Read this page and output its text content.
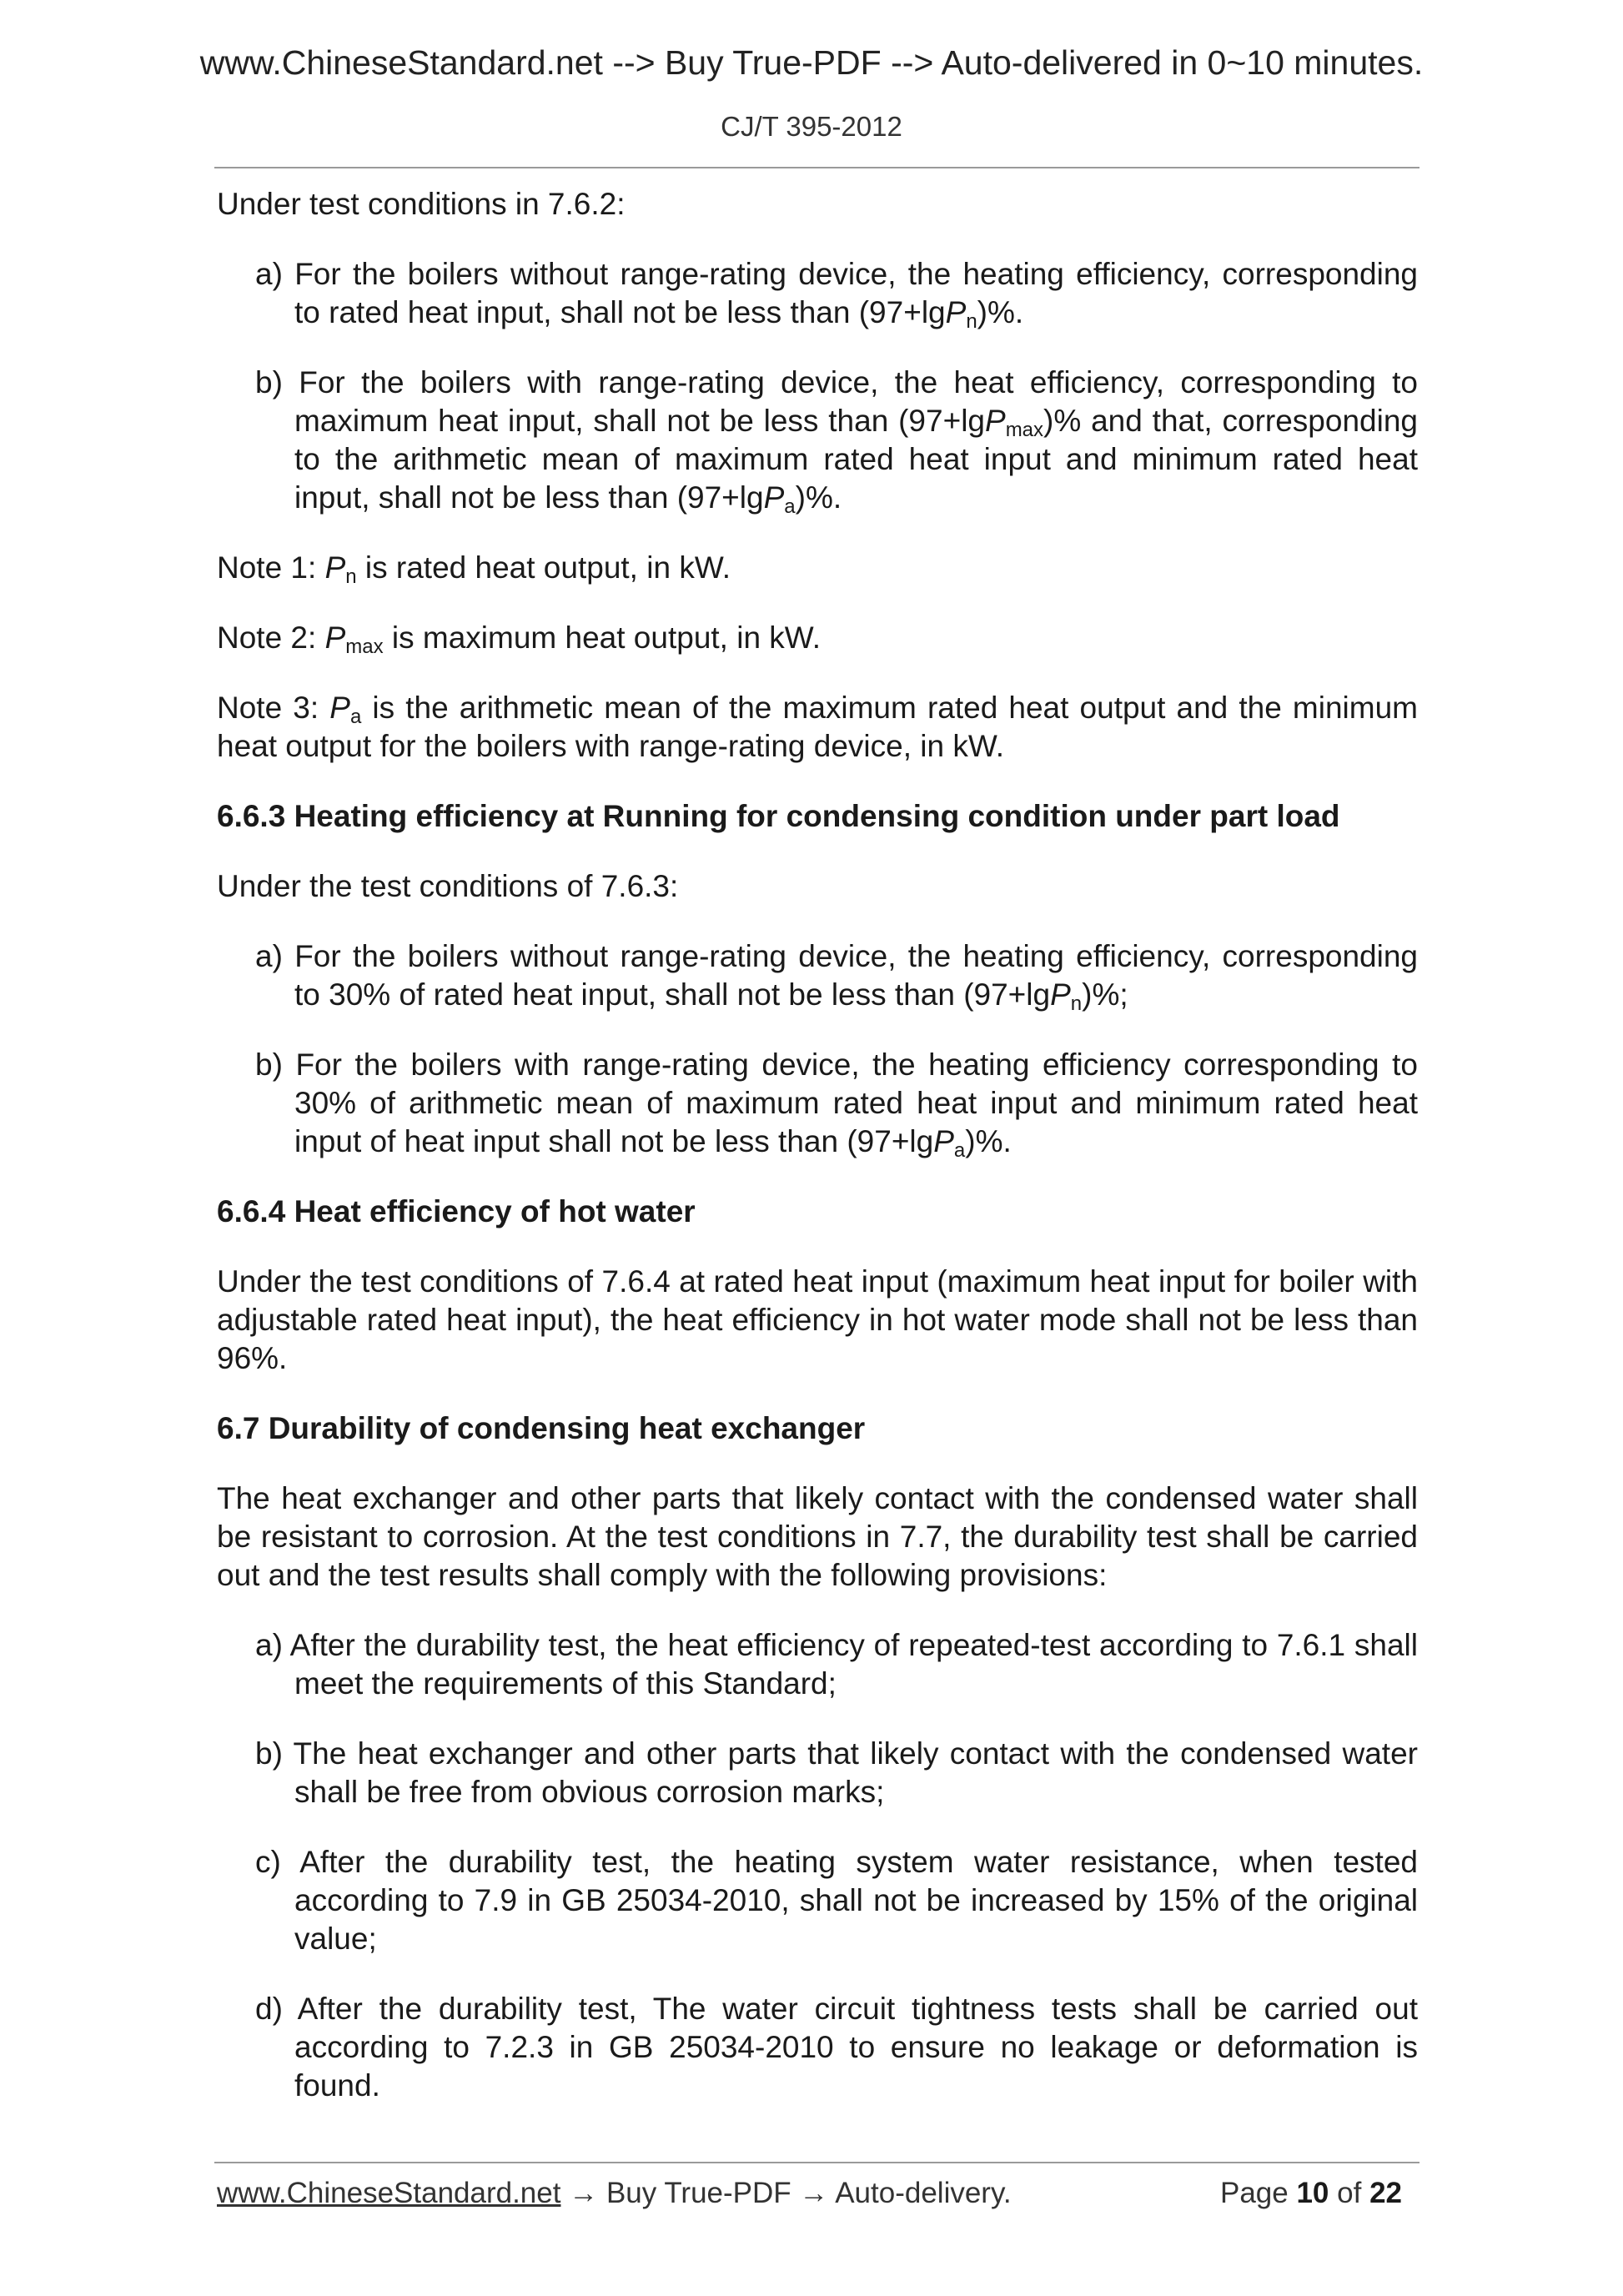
www.ChineseStandard.net --> Buy True-PDF --> Auto-delivered in 0~10 minutes.
CJ/T 395-2012

Under test conditions in 7.6.2:

a) For the boilers without range-rating device, the heating efficiency, corresponding to rated heat input, shall not be less than (97+lgP$_n$)%.

b) For the boilers with range-rating device, the heat efficiency, corresponding to maximum heat input, shall not be less than (97+lgP$_{max}$)% and that, corresponding to the arithmetic mean of maximum rated heat input and minimum rated heat input, shall not be less than (97+lgP$_a$)%.

Note 1: $P_n$ is rated heat output, in kW.

Note 2: $P_{max}$ is maximum heat output, in kW.

Note 3: $P_a$ is the arithmetic mean of the maximum rated heat output and the minimum heat output for the boilers with range-rating device, in kW.

6.6.3 Heating efficiency at Running for condensing condition under part load

Under the test conditions of 7.6.3:

a) For the boilers without range-rating device, the heating efficiency, corresponding to 30% of rated heat input, shall not be less than (97+lgP$_n$)%;

b) For the boilers with range-rating device, the heating efficiency corresponding to 30% of arithmetic mean of maximum rated heat input and minimum rated heat input of heat input shall not be less than (97+lgP$_a$)%.

6.6.4 Heat efficiency of hot water

Under the test conditions of 7.6.4 at rated heat input (maximum heat input for boiler with adjustable rated heat input), the heat efficiency in hot water mode shall not be less than 96%.

6.7 Durability of condensing heat exchanger

The heat exchanger and other parts that likely contact with the condensed water shall be resistant to corrosion. At the test conditions in 7.7, the durability test shall be carried out and the test results shall comply with the following provisions:

a) After the durability test, the heat efficiency of repeated-test according to 7.6.1 shall meet the requirements of this Standard;

b) The heat exchanger and other parts that likely contact with the condensed water shall be free from obvious corrosion marks;

c) After the durability test, the heating system water resistance, when tested according to 7.9 in GB 25034-2010, shall not be increased by 15% of the original value;

d) After the durability test, The water circuit tightness tests shall be carried out according to 7.2.3 in GB 25034-2010 to ensure no leakage or deformation is found.

www.ChineseStandard.net → Buy True-PDF → Auto-delivery.	Page 10 of 22
